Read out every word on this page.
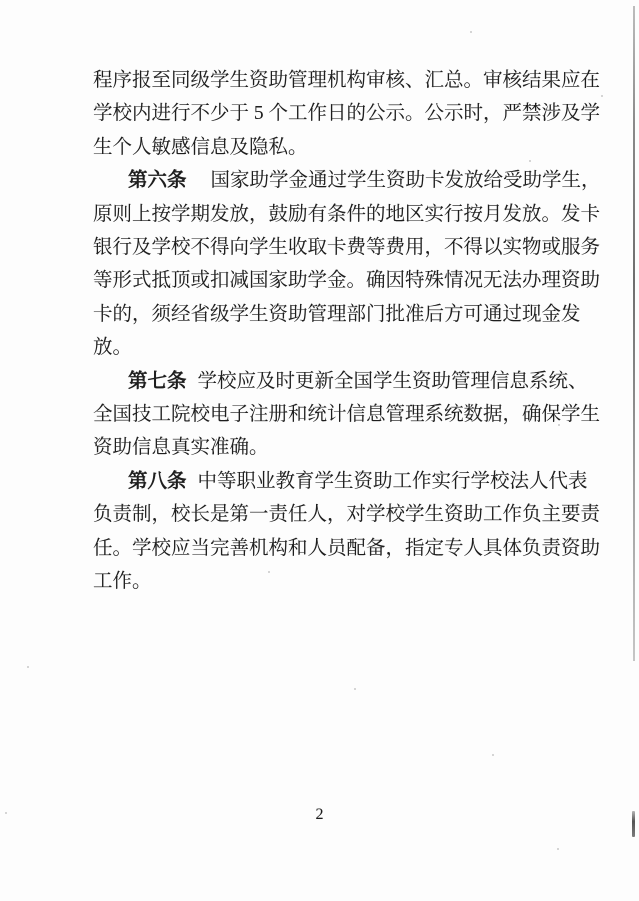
程序报至同级学生资助管理机构审核、汇总。审核结果应在
学校内进行不少于 5 个工作日的公示。公示时，严禁涉及学
生个人敏感信息及隐私。
第六条 国家助学金通过学生资助卡发放给受助学生，
原则上按学期发放，鼓励有条件的地区实行按月发放。发卡
银行及学校不得向学生收取卡费等费用，不得以实物或服务
等形式抵顶或扣减国家助学金。确因特殊情况无法办理资助
卡的，须经省级学生资助管理部门批准后方可通过现金发
放。
第七条 学校应及时更新全国学生资助管理信息系统、
全国技工院校电子注册和统计信息管理系统数据，确保学生
资助信息真实准确。
第八条 中等职业教育学生资助工作实行学校法人代表
负责制，校长是第一责任人，对学校学生资助工作负主要责
任。学校应当完善机构和人员配备，指定专人具体负责资助
工作。
2
